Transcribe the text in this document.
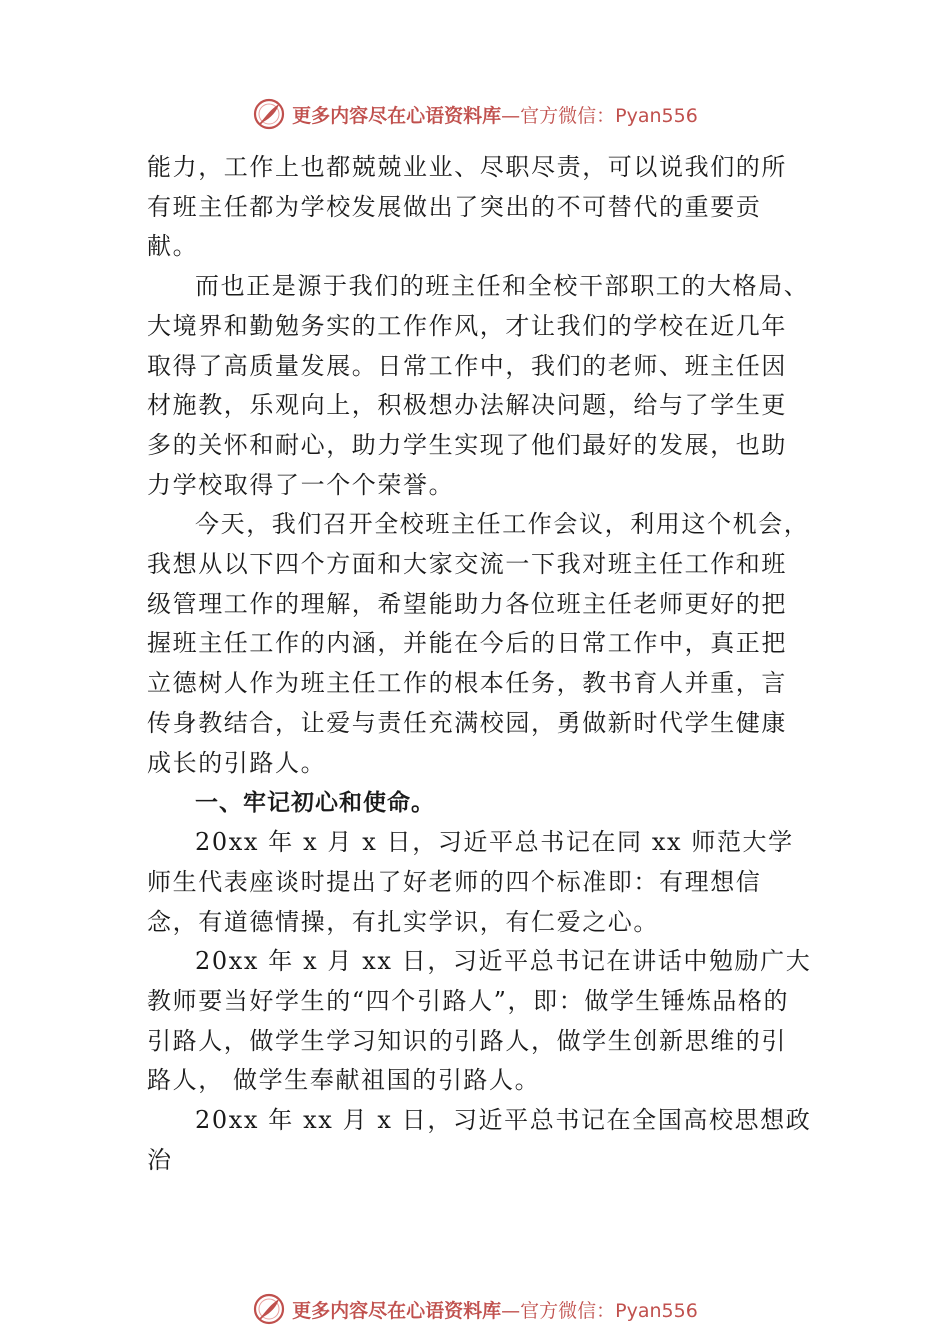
更多内容尽在心语资料库 —官方微信：Pyan556

能力，工作上也都兢兢业业、尽职尽责，可以说我们的所有班主任都为学校发展做出了突出的不可替代的重要贡献。

而也正是源于我们的班主任和全校干部职工的大格局、大境界和勤勉务实的工作作风，才让我们的学校在近几年取得了高质量发展。日常工作中，我们的老师、班主任因材施教，乐观向上，积极想办法解决问题，给与了学生更多的关怀和耐心，助力学生实现了他们最好的发展，也助力学校取得了一个个荣誉。

今天，我们召开全校班主任工作会议，利用这个机会，我想从以下四个方面和大家交流一下我对班主任工作和班级管理工作的理解，希望能助力各位班主任老师更好的把握班主任工作的内涵，并能在今后的日常工作中，真正把立德树人作为班主任工作的根本任务，教书育人并重，言传身教结合，让爱与责任充满校园，勇做新时代学生健康成长的引路人。

一、牢记初心和使命。

20xx 年 x 月 x 日，习近平总书记在同 xx 师范大学师生代表座谈时提出了好老师的四个标准即：有理想信念，有道德情操，有扎实学识，有仁爱之心。

20xx 年 x 月 xx 日，习近平总书记在讲话中勉励广大教师要当好学生的“四个引路人”，即：做学生锤炼品格的引路人，做学生学习知识的引路人，做学生创新思维的引路人， 做学生奉献祖国的引路人。

20xx 年 xx 月 x 日，习近平总书记在全国高校思想政治

更多内容尽在心语资料库 —官方微信：Pyan556
